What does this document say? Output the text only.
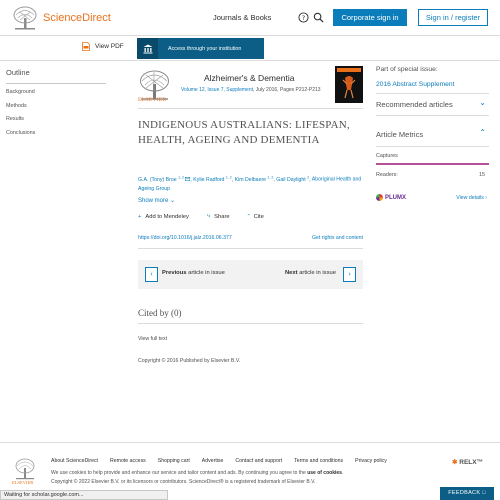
ScienceDirect	Journals & Books	?	Corporate sign in	Sign in / register
View PDF	Access through your institution
Outline
Background
Methods
Results
Conclusions
ELSEVIER
Alzheimer's & Dementia
Volume 12, Issue 7, Supplement, July 2016, Pages P212-P213
INDIGENOUS AUSTRALIANS: LIFESPAN, HEALTH, AGEING AND DEMENTIA
G.A. (Tony) Broe $^{1, 2}$ , Kylie Radford $^{1, 2}$, Kim Delbaere $^{1, 2}$, Gail Daylight $^2$, Aboriginal Health and Ageing Group
Show more ⌄
+ Add to Mendeley	⤷ Share	” Cite
https://doi.org/10.1016/j.jalz.2016.06.377	Get rights and content
‹	Previous article in issue	Next article in issue	›
Cited by (0)
View full text
Copyright © 2016 Published by Elsevier B.V.
Part of special issue:
2016 Abstract Supplement
Recommended articles	⌄
Article Metrics	⌃
Captures
Readers:	15
PLUMX	View details ›
ELSEVIER
About ScienceDirect Remote access Shopping cart Advertise Contact and support Terms and conditions Privacy policy
We use cookies to help provide and enhance our service and tailor content and ads. By continuing you agree to the use of cookies.
Copyright © 2022 Elsevier B.V. or its licensors or contributors. ScienceDirect® is a registered trademark of Elsevier B.V.
✱ RELX™
Waiting for scholar.google.com...	FEEDBACK □
